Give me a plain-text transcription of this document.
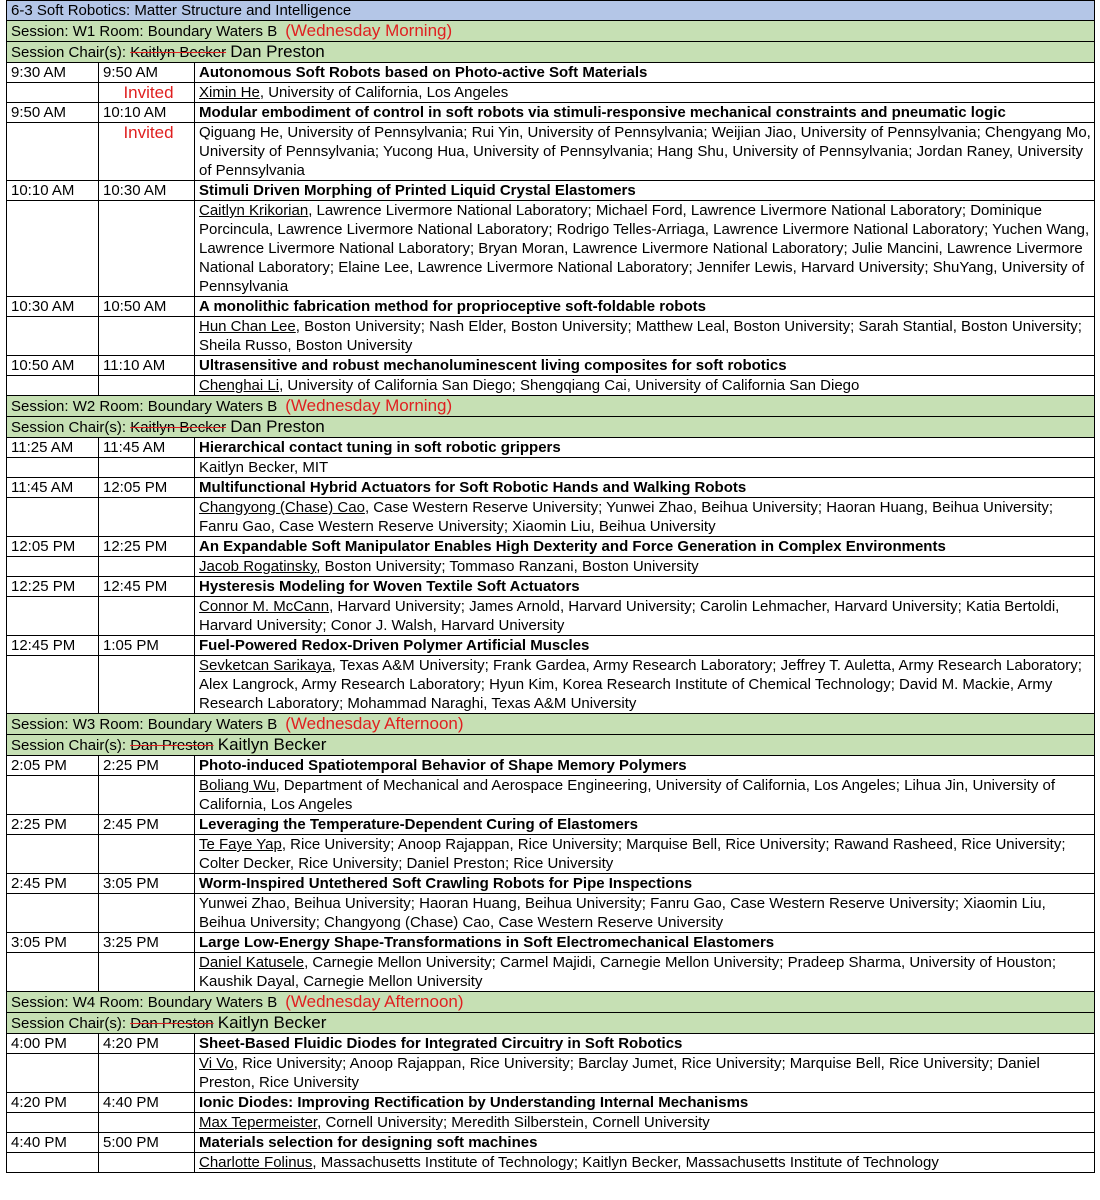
6-3 Soft Robotics: Matter Structure and Intelligence		
Session: W1 Room: Boundary Waters B (Wednesday Morning)		
Session Chair(s): Kaitlyn Becker Dan Preston		
9:30 AM	9:50 AM	Autonomous Soft Robots based on Photo-active Soft Materials

	Invited	Ximin He, University of California, Los Angeles
9:50 AM	10:10 AM	Modular embodiment of control in soft robots via stimuli-responsive mechanical constraints and pneumatic logic

	Invited	Qiguang He, University of Pennsylvania; Rui Yin, University of Pennsylvania; Weijian Jiao, University of Pennsylvania; Chengyang Mo, University of Pennsylvania; Yucong Hua, University of Pennsylvania; Hang Shu, University of Pennsylvania; Jordan Raney, University of Pennsylvania
10:10 AM	10:30 AM	Stimuli Driven Morphing of Printed Liquid Crystal Elastomers
		Caitlyn Krikorian, Lawrence Livermore National Laboratory; Michael Ford, Lawrence Livermore National Laboratory; Dominique Porcincula, Lawrence Livermore National Laboratory; Rodrigo Telles-Arriaga, Lawrence Livermore National Laboratory; Yuchen Wang, Lawrence Livermore National Laboratory; Bryan Moran, Lawrence Livermore National Laboratory; Julie Mancini, Lawrence Livermore National Laboratory; Elaine Lee, Lawrence Livermore National Laboratory; Jennifer Lewis, Harvard University; ShuYang, University of Pennsylvania
10:30 AM	10:50 AM	A monolithic fabrication method for proprioceptive soft-foldable robots
		Hun Chan Lee, Boston University; Nash Elder, Boston University; Matthew Leal, Boston University; Sarah Stantial, Boston University; Sheila Russo, Boston University
10:50 AM	11:10 AM	Ultrasensitive and robust mechanoluminescent living composites for soft robotics
		Chenghai Li, University of California San Diego; Shengqiang Cai, University of California San Diego
Session: W2 Room: Boundary Waters B (Wednesday Morning)		
Session Chair(s): Kaitlyn Becker Dan Preston		
11:25 AM	11:45 AM	Hierarchical contact tuning in soft robotic grippers
		Kaitlyn Becker, MIT
11:45 AM	12:05 PM	Multifunctional Hybrid Actuators for Soft Robotic Hands and Walking Robots
		Changyong (Chase) Cao, Case Western Reserve University; Yunwei Zhao, Beihua University; Haoran Huang, Beihua University; Fanru Gao, Case Western Reserve University; Xiaomin Liu, Beihua University
12:05 PM	12:25 PM	An Expandable Soft Manipulator Enables High Dexterity and Force Generation in Complex Environments
		Jacob Rogatinsky, Boston University; Tommaso Ranzani, Boston University
12:25 PM	12:45 PM	Hysteresis Modeling for Woven Textile Soft Actuators
		Connor M. McCann, Harvard University; James Arnold, Harvard University; Carolin Lehmacher, Harvard University; Katia Bertoldi, Harvard University; Conor J. Walsh, Harvard University
12:45 PM	1:05 PM	Fuel-Powered Redox-Driven Polymer Artificial Muscles
		Sevketcan Sarikaya, Texas A&M University; Frank Gardea, Army Research Laboratory; Jeffrey T. Auletta, Army Research Laboratory; Alex Langrock, Army Research Laboratory; Hyun Kim, Korea Research Institute of Chemical Technology; David M. Mackie, Army Research Laboratory; Mohammad Naraghi, Texas A&M University
Session: W3 Room: Boundary Waters B (Wednesday Afternoon)		
Session Chair(s): Dan Preston Kaitlyn Becker		
2:05 PM	2:25 PM	Photo-induced Spatiotemporal Behavior of Shape Memory Polymers
		Boliang Wu, Department of Mechanical and Aerospace Engineering, University of California, Los Angeles; Lihua Jin, University of California, Los Angeles
2:25 PM	2:45 PM	Leveraging the Temperature-Dependent Curing of Elastomers
		Te Faye Yap, Rice University; Anoop Rajappan, Rice University; Marquise Bell, Rice University; Rawand Rasheed, Rice University; Colter Decker, Rice University; Daniel Preston; Rice University
2:45 PM	3:05 PM	Worm-Inspired Untethered Soft Crawling Robots for Pipe Inspections
		Yunwei Zhao, Beihua University; Haoran Huang, Beihua University; Fanru Gao, Case Western Reserve University; Xiaomin Liu, Beihua University; Changyong (Chase) Cao, Case Western Reserve University
3:05 PM	3:25 PM	Large Low-Energy Shape-Transformations in Soft Electromechanical Elastomers
		Daniel Katusele, Carnegie Mellon University; Carmel Majidi, Carnegie Mellon University; Pradeep Sharma, University of Houston; Kaushik Dayal, Carnegie Mellon University
Session: W4 Room: Boundary Waters B (Wednesday Afternoon)		
Session Chair(s): Dan Preston Kaitlyn Becker		
4:00 PM	4:20 PM	Sheet-Based Fluidic Diodes for Integrated Circuitry in Soft Robotics
		Vi Vo, Rice University; Anoop Rajappan, Rice University; Barclay Jumet, Rice University; Marquise Bell, Rice University; Daniel Preston, Rice University
4:20 PM	4:40 PM	Ionic Diodes: Improving Rectification by Understanding Internal Mechanisms
		Max Tepermeister, Cornell University; Meredith Silberstein, Cornell University
4:40 PM	5:00 PM	Materials selection for designing soft machines
		Charlotte Folinus, Massachusetts Institute of Technology; Kaitlyn Becker, Massachusetts Institute of Technology
